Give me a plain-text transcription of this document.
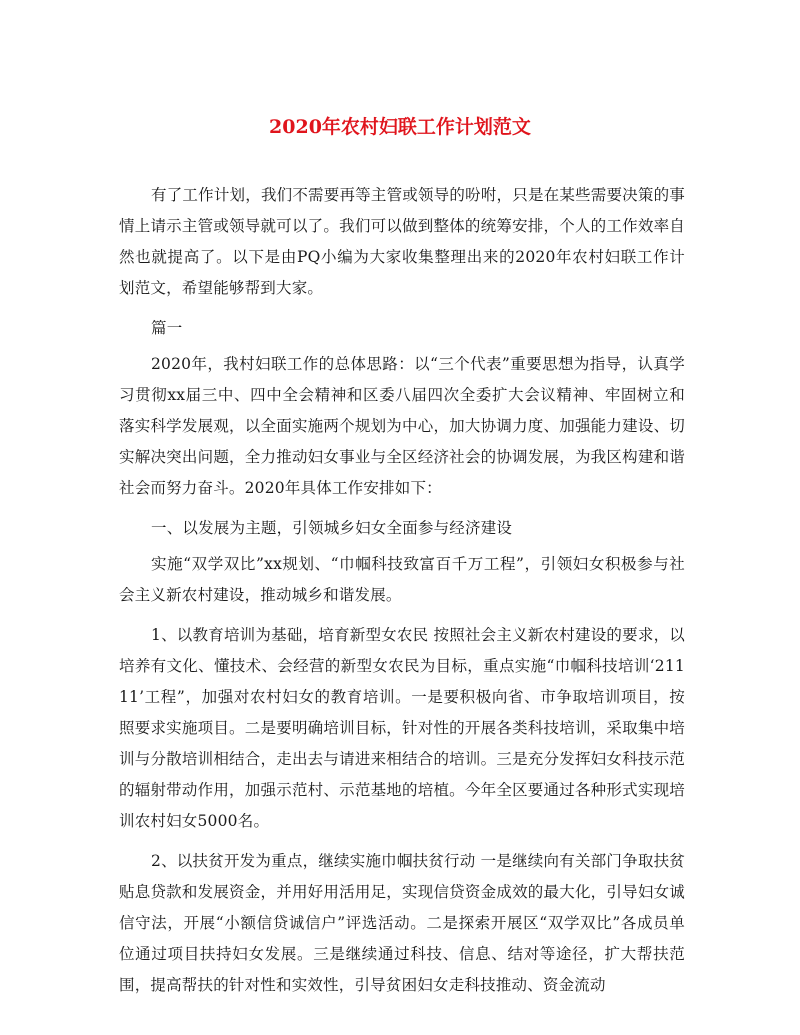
2020年农村妇联工作计划范文

有了工作计划，我们不需要再等主管或领导的吩咐，只是在某些需要决策的事情上请示主管或领导就可以了。我们可以做到整体的统筹安排，个人的工作效率自然也就提高了。以下是由PQ小编为大家收集整理出来的2020年农村妇联工作计划范文，希望能够帮到大家。

篇一

2020年，我村妇联工作的总体思路：以“三个代表”重要思想为指导，认真学习贯彻xx届三中、四中全会精神和区委八届四次全委扩大会议精神、牢固树立和落实科学发展观，以全面实施两个规划为中心，加大协调力度、加强能力建设、切实解决突出问题，全力推动妇女事业与全区经济社会的协调发展，为我区构建和谐社会而努力奋斗。2020年具体工作安排如下：

一、以发展为主题，引领城乡妇女全面参与经济建设

实施“双学双比”xx规划、“巾帼科技致富百千万工程”，引领妇女积极参与社会主义新农村建设，推动城乡和谐发展。

1、以教育培训为基础，培育新型女农民 按照社会主义新农村建设的要求，以培养有文化、懂技术、会经营的新型女农民为目标，重点实施“巾帼科技培训‘21111’工程”，加强对农村妇女的教育培训。一是要积极向省、市争取培训项目，按照要求实施项目。二是要明确培训目标，针对性的开展各类科技培训，采取集中培训与分散培训相结合，走出去与请进来相结合的培训。三是充分发挥妇女科技示范的辐射带动作用，加强示范村、示范基地的培植。今年全区要通过各种形式实现培训农村妇女5000名。

2、以扶贫开发为重点，继续实施巾帼扶贫行动 一是继续向有关部门争取扶贫贴息贷款和发展资金，并用好用活用足，实现信贷资金成效的最大化，引导妇女诚信守法，开展“小额信贷诚信户”评选活动。二是探索开展区“双学双比”各成员单位通过项目扶持妇女发展。三是继续通过科技、信息、结对等途径，扩大帮扶范围，提高帮扶的针对性和实效性，引导贫困妇女走科技推动、资金流动
